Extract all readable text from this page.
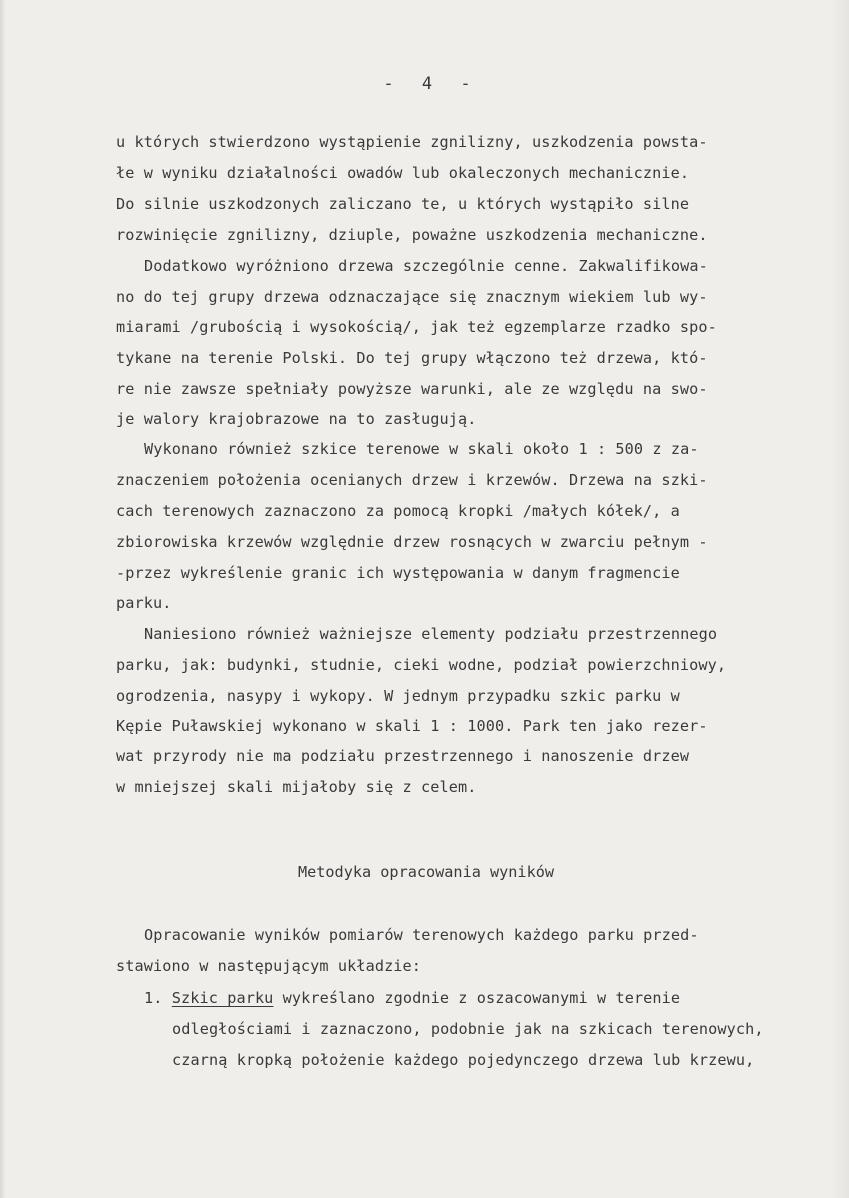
- 4 -
u których stwierdzono wystąpienie zgnilizny, uszkodzenia powsta-
łe w wyniku działalności owadów lub okaleczonych mechanicznie.
Do silnie uszkodzonych zaliczano te, u których wystąpiło silne
rozwinięcie zgnilizny, dziuple, poważne uszkodzenia mechaniczne.
Dodatkowo wyróżniono drzewa szczególnie cenne. Zakwalifikowa-
no do tej grupy drzewa odznaczające się znacznym wiekiem lub wy-
miarami /grubością i wysokością/, jak też egzemplarze rzadko spo-
tykane na terenie Polski. Do tej grupy włączono też drzewa, któ-
re nie zawsze spełniały powyższe warunki, ale ze względu na swo-
je walory krajobrazowe na to zasługują.
Wykonano również szkice terenowe w skali około 1 : 500 z za-
znaczeniem położenia ocenianych drzew i krzewów. Drzewa na szki-
cach terenowych zaznaczono za pomocą kropki /małych kółek/, a
zbiorowiska krzewów względnie drzew rosnących w zwarciu pełnym -
-przez wykreślenie granic ich występowania w danym fragmencie
parku.
Naniesiono również ważniejsze elementy podziału przestrzennego
parku, jak: budynki, studnie, cieki wodne, podział powierzchniowy,
ogrodzenia, nasypy i wykopy. W jednym przypadku szkic parku w
Kępie Puławskiej wykonano w skali 1 : 1000. Park ten jako rezer-
wat przyrody nie ma podziału przestrzennego i nanoszenie drzew
w mniejszej skali mijałoby się z celem.
Metodyka opracowania wyników
Opracowanie wyników pomiarów terenowych każdego parku przed-
stawiono w następującym układzie:
1. Szkic parku wykreślano zgodnie z oszacowanymi w terenie
odległościami i zaznaczono, podobnie jak na szkicach terenowych,
czarną kropką położenie każdego pojedynczego drzewa lub krzewu,
